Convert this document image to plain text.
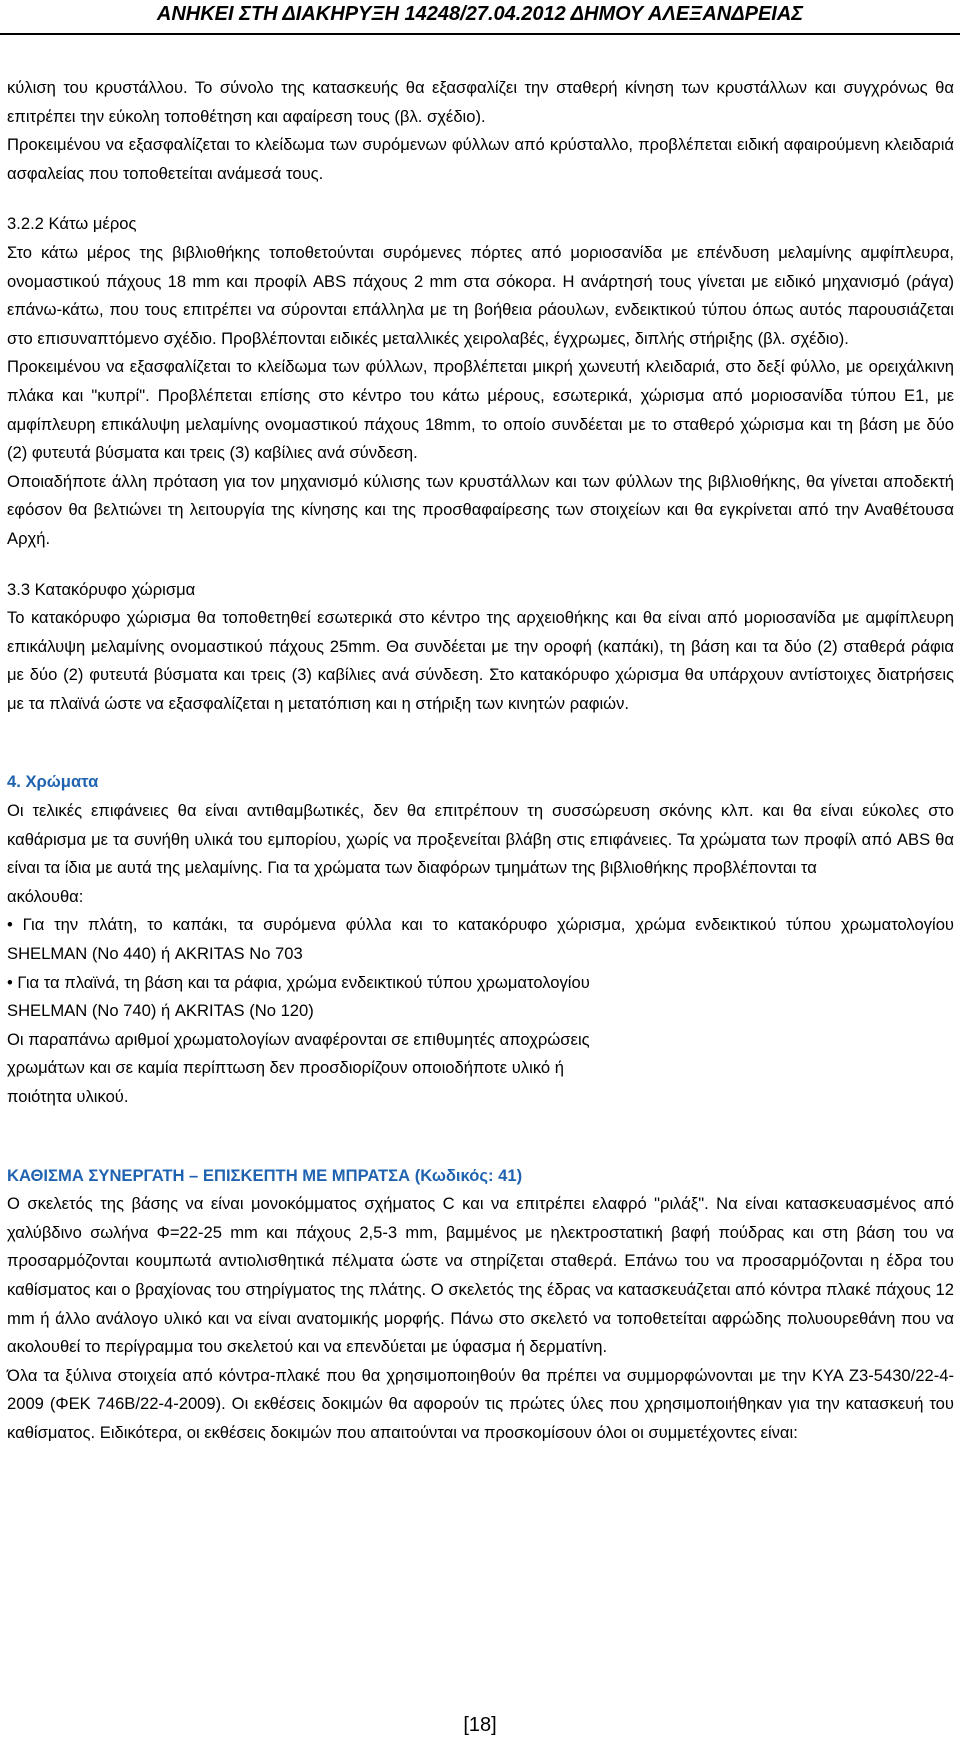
ΑΝΗΚΕΙ ΣΤΗ ΔΙΑΚΗΡΥΞΗ 14248/27.04.2012 ΔΗΜΟΥ ΑΛΕΞΑΝΔΡΕΙΑΣ

κύλιση του κρυστάλλου. Το σύνολο της κατασκευής θα εξασφαλίζει την σταθερή κίνηση των κρυστάλλων και συγχρόνως θα επιτρέπει την εύκολη τοποθέτηση και αφαίρεση τους (βλ. σχέδιο).

Προκειμένου να εξασφαλίζεται το κλείδωμα των συρόμενων φύλλων από κρύσταλλο, προβλέπεται ειδική αφαιρούμενη κλειδαριά ασφαλείας που τοποθετείται ανάμεσά τους.

3.2.2 Κάτω μέρος

Στο κάτω μέρος της βιβλιοθήκης τοποθετούνται συρόμενες πόρτες από μοριοσανίδα με επένδυση μελαμίνης αμφίπλευρα, ονομαστικού πάχους 18 mm και προφίλ ABS πάχους 2 mm στα σόκορα. Η ανάρτησή τους γίνεται με ειδικό μηχανισμό (ράγα) επάνω-κάτω, που τους επιτρέπει να σύρονται επάλληλα με τη βοήθεια ράουλων, ενδεικτικού τύπου όπως αυτός παρουσιάζεται στο επισυναπτόμενο σχέδιο. Προβλέπονται ειδικές μεταλλικές χειρολαβές, έγχρωμες, διπλής στήριξης (βλ. σχέδιο).

Προκειμένου να εξασφαλίζεται το κλείδωμα των φύλλων, προβλέπεται μικρή χωνευτή κλειδαριά, στο δεξί φύλλο, με ορειχάλκινη πλάκα και "κυπρί". Προβλέπεται επίσης στο κέντρο του κάτω μέρους, εσωτερικά, χώρισμα από μοριοσανίδα τύπου Ε1, με αμφίπλευρη επικάλυψη μελαμίνης ονομαστικού πάχους 18mm, το οποίο συνδέεται με το σταθερό χώρισμα και τη βάση με δύο (2) φυτευτά βύσματα και τρεις (3) καβίλιες ανά σύνδεση.

Οποιαδήποτε άλλη πρόταση για τον μηχανισμό κύλισης των κρυστάλλων και των φύλλων της βιβλιοθήκης, θα γίνεται αποδεκτή εφόσον θα βελτιώνει τη λειτουργία της κίνησης και της προσθαφαίρεσης των στοιχείων και θα εγκρίνεται από την Αναθέτουσα Αρχή.

3.3 Κατακόρυφο χώρισμα

Το κατακόρυφο χώρισμα θα τοποθετηθεί εσωτερικά στο κέντρο της αρχειοθήκης και θα είναι από μοριοσανίδα με αμφίπλευρη επικάλυψη μελαμίνης ονομαστικού πάχους 25mm. Θα συνδέεται με την οροφή (καπάκι), τη βάση και τα δύο (2) σταθερά ράφια με δύο (2) φυτευτά βύσματα και τρεις (3) καβίλιες ανά σύνδεση. Στο κατακόρυφο χώρισμα θα υπάρχουν αντίστοιχες διατρήσεις με τα πλαϊνά ώστε να εξασφαλίζεται η μετατόπιση και η στήριξη των κινητών ραφιών.

4. Χρώματα

Οι τελικές επιφάνειες θα είναι αντιθαμβωτικές, δεν θα επιτρέπουν τη συσσώρευση σκόνης κλπ. και θα είναι εύκολες στο καθάρισμα με τα συνήθη υλικά του εμπορίου, χωρίς να προξενείται βλάβη στις επιφάνειες. Τα χρώματα των προφίλ από ABS θα είναι τα ίδια με αυτά της μελαμίνης. Για τα χρώματα των διαφόρων τμημάτων της βιβλιοθήκης προβλέπονται τα

ακόλουθα:

• Για την πλάτη, το καπάκι, τα συρόμενα φύλλα και το κατακόρυφο χώρισμα, χρώμα ενδεικτικού τύπου χρωματολογίου SHELMAN (No 440) ή AKRITAS No 703

• Για τα πλαϊνά, τη βάση και τα ράφια, χρώμα ενδεικτικού τύπου χρωματολογίου

SHELMAN (No 740) ή AKRITAS (No 120)

Οι παραπάνω αριθμοί χρωματολογίων αναφέρονται σε επιθυμητές αποχρώσεις

χρωμάτων και σε καμία περίπτωση δεν προσδιορίζουν οποιοδήποτε υλικό ή

ποιότητα υλικού.

ΚΑΘΙΣΜΑ ΣΥΝΕΡΓΑΤΗ – ΕΠΙΣΚΕΠΤΗ ΜΕ ΜΠΡΑΤΣΑ (Κωδικός: 41)

Ο σκελετός της βάσης να είναι μονοκόμματος σχήματος C και να επιτρέπει ελαφρό "ριλάξ". Να είναι κατασκευασμένος από χαλύβδινο σωλήνα Φ=22-25 mm και πάχους 2,5-3 mm, βαμμένος με ηλεκτροστατική βαφή πούδρας και στη βάση του να προσαρμόζονται κουμπωτά αντιολισθητικά πέλματα ώστε να στηρίζεται σταθερά. Επάνω του να προσαρμόζονται η έδρα του καθίσματος και ο βραχίονας του στηρίγματος της πλάτης. Ο σκελετός της έδρας να κατασκευάζεται από κόντρα πλακέ πάχους 12 mm ή άλλο ανάλογο υλικό και να είναι ανατομικής μορφής. Πάνω στο σκελετό να τοποθετείται αφρώδης πολυουρεθάνη που να ακολουθεί το περίγραμμα του σκελετού και να επενδύεται με ύφασμα ή δερματίνη.

Όλα τα ξύλινα στοιχεία από κόντρα-πλακέ που θα χρησιμοποιηθούν θα πρέπει να συμμορφώνονται με την ΚΥΑ Ζ3-5430/22-4-2009 (ΦΕΚ 746Β/22-4-2009). Οι εκθέσεις δοκιμών θα αφορούν τις πρώτες ύλες που χρησιμοποιήθηκαν για την κατασκευή του καθίσματος. Ειδικότερα, οι εκθέσεις δοκιμών που απαιτούνται να προσκομίσουν όλοι οι συμμετέχοντες είναι:

[18]
